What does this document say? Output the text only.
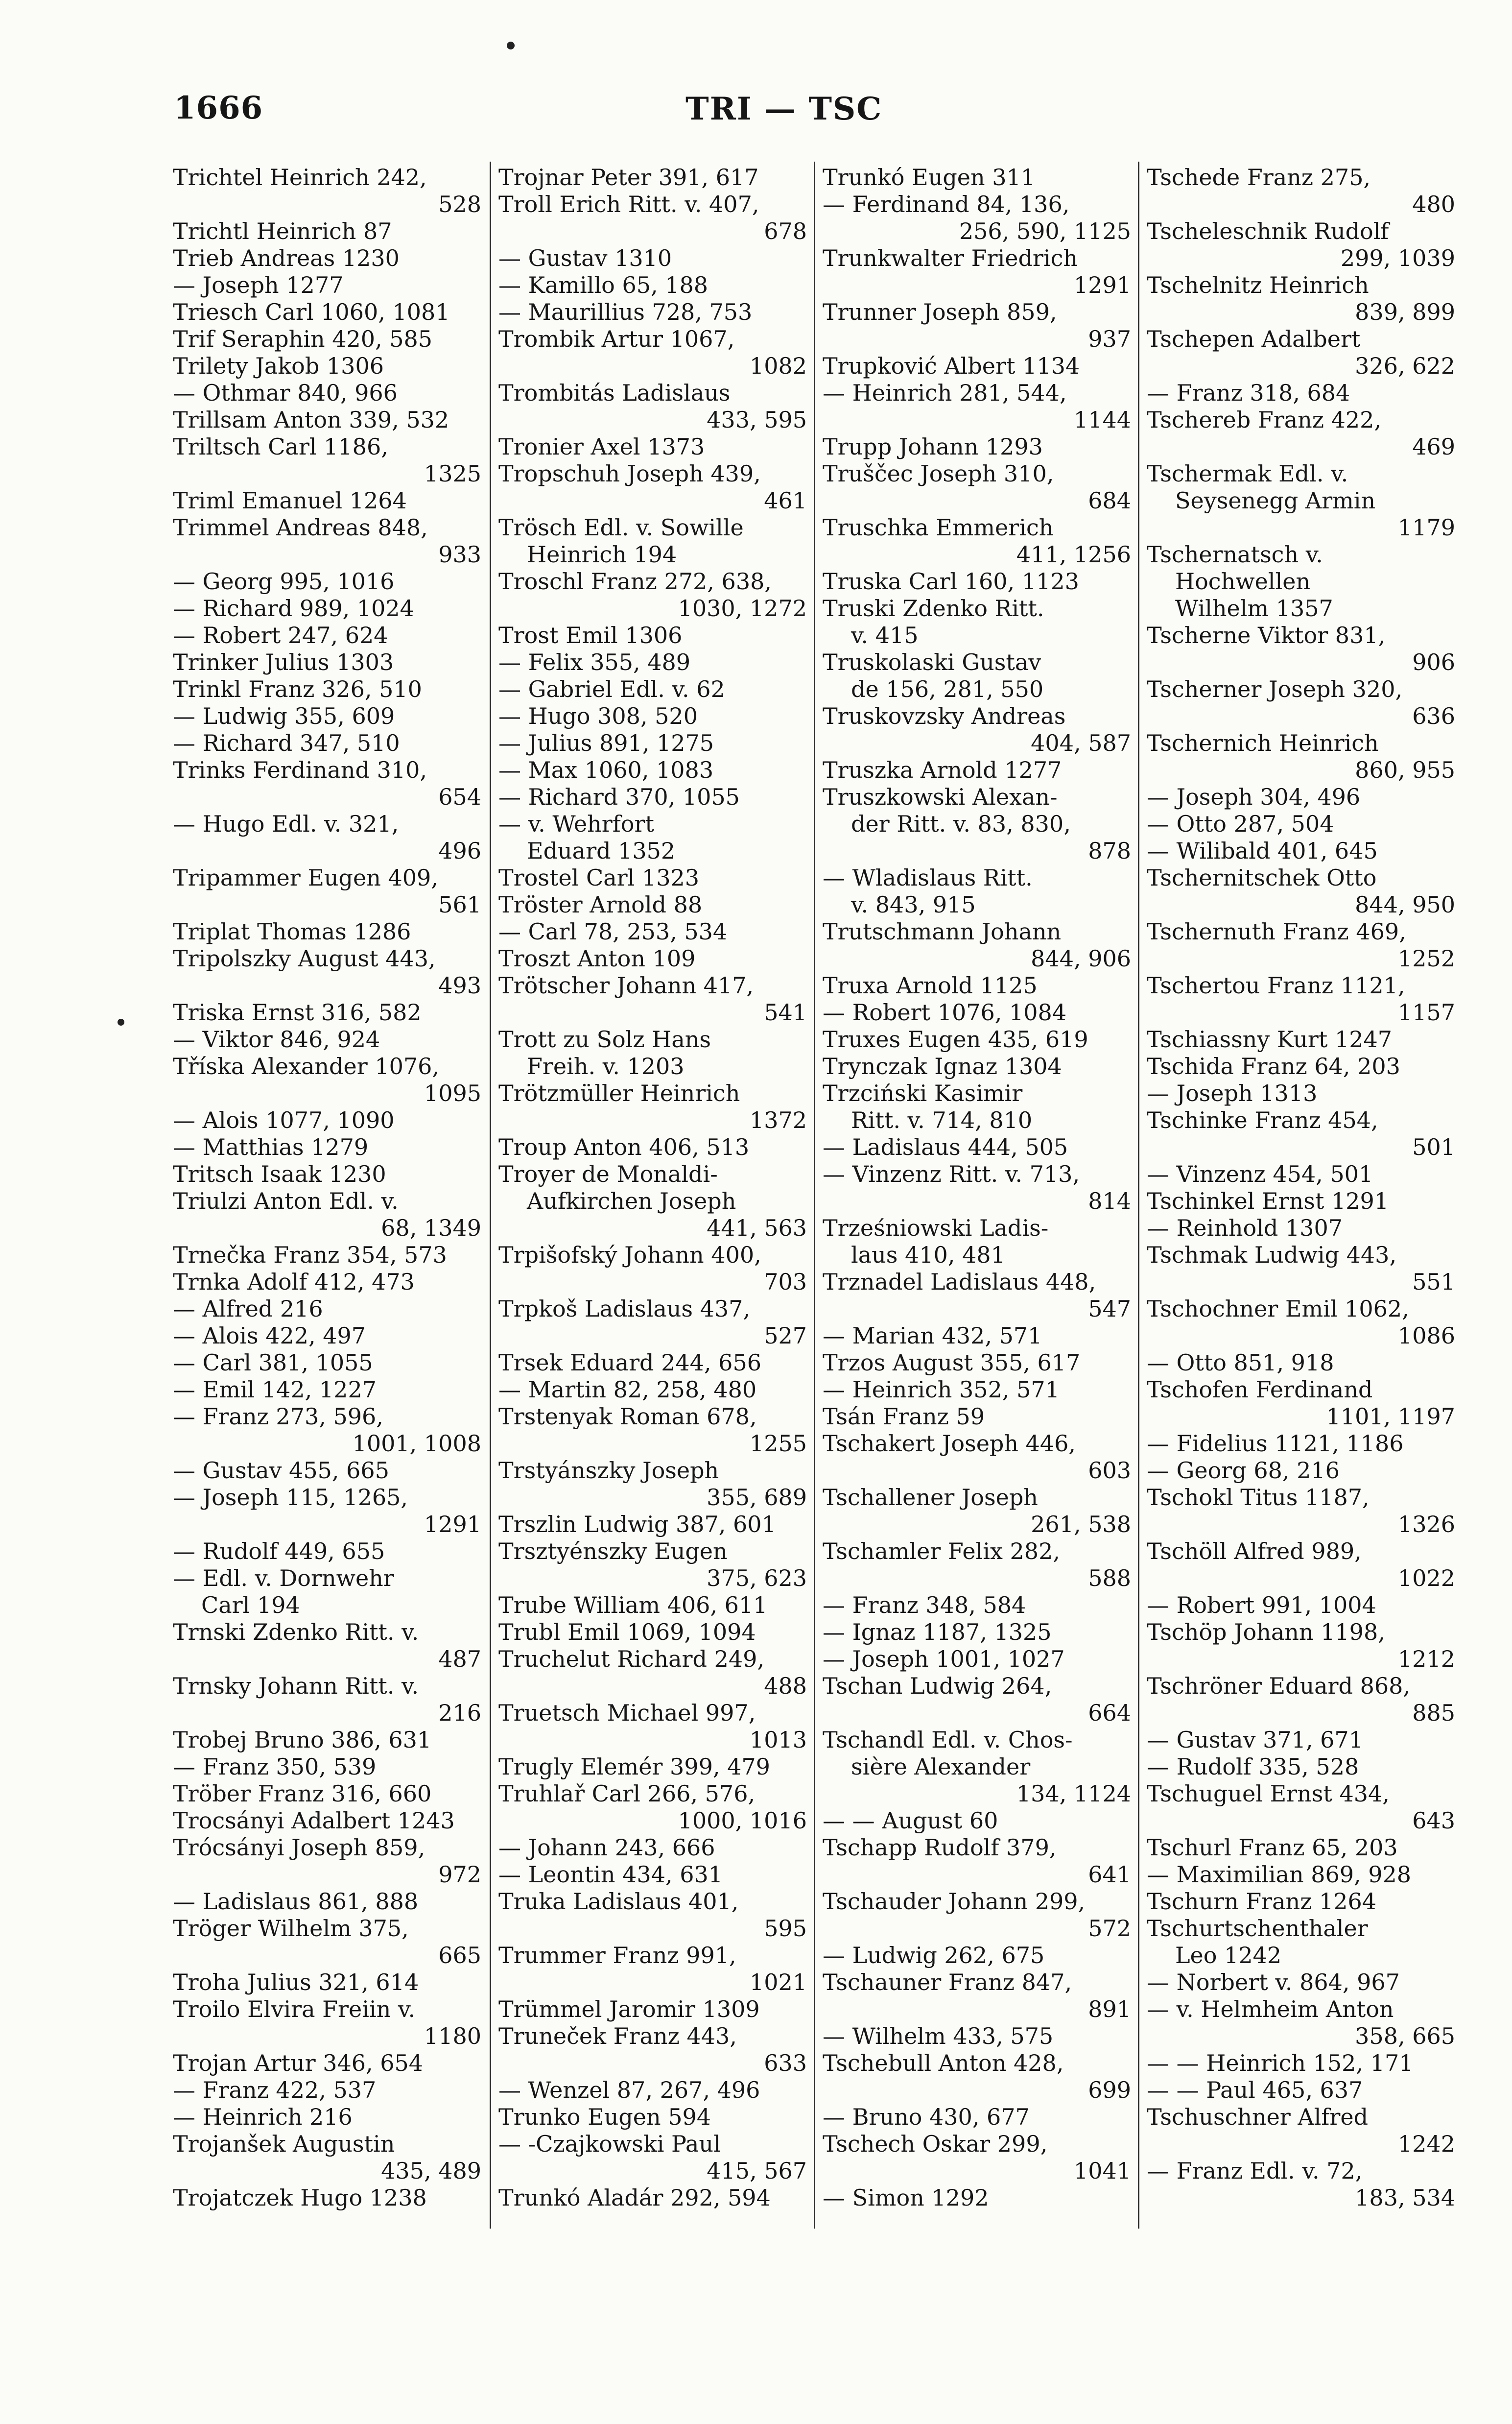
1666	TRI — TSC
Trichtel Heinrich 242,
528
Trichtl Heinrich 87
Trieb Andreas 1230
— Joseph 1277
Triesch Carl 1060, 1081
Trif Seraphin 420, 585
Trilety Jakob 1306
— Othmar 840, 966
Trillsam Anton 339, 532
Triltsch Carl 1186,
1325
Triml Emanuel 1264
Trimmel Andreas 848,
933
— Georg 995, 1016
— Richard 989, 1024
— Robert 247, 624
Trinker Julius 1303
Trinkl Franz 326, 510
— Ludwig 355, 609
— Richard 347, 510
Trinks Ferdinand 310,
654
— Hugo Edl. v. 321,
496
Tripammer Eugen 409,
561
Triplat Thomas 1286
Tripolszky August 443,
493
Triska Ernst 316, 582
— Viktor 846, 924
Tříska Alexander 1076,
1095
— Alois 1077, 1090
— Matthias 1279
Tritsch Isaak 1230
Triulzi Anton Edl. v.
68, 1349
Trnečka Franz 354, 573
Trnka Adolf 412, 473
— Alfred 216
— Alois 422, 497
— Carl 381, 1055
— Emil 142, 1227
— Franz 273, 596,
1001, 1008
— Gustav 455, 665
— Joseph 115, 1265,
1291
— Rudolf 449, 655
— Edl. v. Dornwehr
Carl 194
Trnski Zdenko Ritt. v.
487
Trnsky Johann Ritt. v.
216
Trobej Bruno 386, 631
— Franz 350, 539
Tröber Franz 316, 660
Trocsányi Adalbert 1243
Trócsányi Joseph 859,
972
— Ladislaus 861, 888
Tröger Wilhelm 375,
665
Troha Julius 321, 614
Troilo Elvira Freiin v.
1180
Trojan Artur 346, 654
— Franz 422, 537
— Heinrich 216
Trojanšek Augustin
435, 489
Trojatczek Hugo 1238
Trojnar Peter 391, 617
Troll Erich Ritt. v. 407,
678
— Gustav 1310
— Kamillo 65, 188
— Maurillius 728, 753
Trombik Artur 1067,
1082
Trombitás Ladislaus
433, 595
Tronier Axel 1373
Tropschuh Joseph 439,
461
Trösch Edl. v. Sowille
Heinrich 194
Troschl Franz 272, 638,
1030, 1272
Trost Emil 1306
— Felix 355, 489
— Gabriel Edl. v. 62
— Hugo 308, 520
— Julius 891, 1275
— Max 1060, 1083
— Richard 370, 1055
— v. Wehrfort
Eduard 1352
Trostel Carl 1323
Tröster Arnold 88
— Carl 78, 253, 534
Troszt Anton 109
Trötscher Johann 417,
541
Trott zu Solz Hans
Freih. v. 1203
Trötzmüller Heinrich
1372
Troup Anton 406, 513
Troyer de Monaldi-
Aufkirchen Joseph
441, 563
Trpišofský Johann 400,
703
Trpkoš Ladislaus 437,
527
Trsek Eduard 244, 656
— Martin 82, 258, 480
Trstenyak Roman 678,
1255
Trstyánszky Joseph
355, 689
Trszlin Ludwig 387, 601
Trsztyénszky Eugen
375, 623
Trube William 406, 611
Trubl Emil 1069, 1094
Truchelut Richard 249,
488
Truetsch Michael 997,
1013
Trugly Elemér 399, 479
Truhlař Carl 266, 576,
1000, 1016
— Johann 243, 666
— Leontin 434, 631
Truka Ladislaus 401,
595
Trummer Franz 991,
1021
Trümmel Jaromir 1309
Truneček Franz 443,
633
— Wenzel 87, 267, 496
Trunko Eugen 594
— -Czajkowski Paul
415, 567
Trunkó Aladár 292, 594
Trunkó Eugen 311
— Ferdinand 84, 136,
256, 590, 1125
Trunkwalter Friedrich
1291
Trunner Joseph 859,
937
Trupković Albert 1134
— Heinrich 281, 544,
1144
Trupp Johann 1293
Truščec Joseph 310,
684
Truschka Emmerich
411, 1256
Truska Carl 160, 1123
Truski Zdenko Ritt.
v. 415
Truskolaski Gustav
de 156, 281, 550
Truskovzsky Andreas
404, 587
Truszka Arnold 1277
Truszkowski Alexan-
der Ritt. v. 83, 830,
878
— Wladislaus Ritt.
v. 843, 915
Trutschmann Johann
844, 906
Truxa Arnold 1125
— Robert 1076, 1084
Truxes Eugen 435, 619
Trynczak Ignaz 1304
Trzciński Kasimir
Ritt. v. 714, 810
— Ladislaus 444, 505
— Vinzenz Ritt. v. 713,
814
Trześniowski Ladis-
laus 410, 481
Trznadel Ladislaus 448,
547
— Marian 432, 571
Trzos August 355, 617
— Heinrich 352, 571
Tsán Franz 59
Tschakert Joseph 446,
603
Tschallener Joseph
261, 538
Tschamler Felix 282,
588
— Franz 348, 584
— Ignaz 1187, 1325
— Joseph 1001, 1027
Tschan Ludwig 264,
664
Tschandl Edl. v. Chos-
sière Alexander
134, 1124
— — August 60
Tschapp Rudolf 379,
641
Tschauder Johann 299,
572
— Ludwig 262, 675
Tschauner Franz 847,
891
— Wilhelm 433, 575
Tschebull Anton 428,
699
— Bruno 430, 677
Tschech Oskar 299,
1041
— Simon 1292
Tschede Franz 275,
480
Tscheleschnik Rudolf
299, 1039
Tschelnitz Heinrich
839, 899
Tschepen Adalbert
326, 622
— Franz 318, 684
Tschereb Franz 422,
469
Tschermak Edl. v.
Seysenegg Armin
1179
Tschernatsch v.
Hochwellen
Wilhelm 1357
Tscherne Viktor 831,
906
Tscherner Joseph 320,
636
Tschernich Heinrich
860, 955
— Joseph 304, 496
— Otto 287, 504
— Wilibald 401, 645
Tschernitschek Otto
844, 950
Tschernuth Franz 469,
1252
Tschertou Franz 1121,
1157
Tschiassny Kurt 1247
Tschida Franz 64, 203
— Joseph 1313
Tschinke Franz 454,
501
— Vinzenz 454, 501
Tschinkel Ernst 1291
— Reinhold 1307
Tschmak Ludwig 443,
551
Tschochner Emil 1062,
1086
— Otto 851, 918
Tschofen Ferdinand
1101, 1197
— Fidelius 1121, 1186
— Georg 68, 216
Tschokl Titus 1187,
1326
Tschöll Alfred 989,
1022
— Robert 991, 1004
Tschöp Johann 1198,
1212
Tschröner Eduard 868,
885
— Gustav 371, 671
— Rudolf 335, 528
Tschuguel Ernst 434,
643
Tschurl Franz 65, 203
— Maximilian 869, 928
Tschurn Franz 1264
Tschurtschenthaler
Leo 1242
— Norbert v. 864, 967
— v. Helmheim Anton
358, 665
— — Heinrich 152, 171
— — Paul 465, 637
Tschuschner Alfred
1242
— Franz Edl. v. 72,
183, 534
